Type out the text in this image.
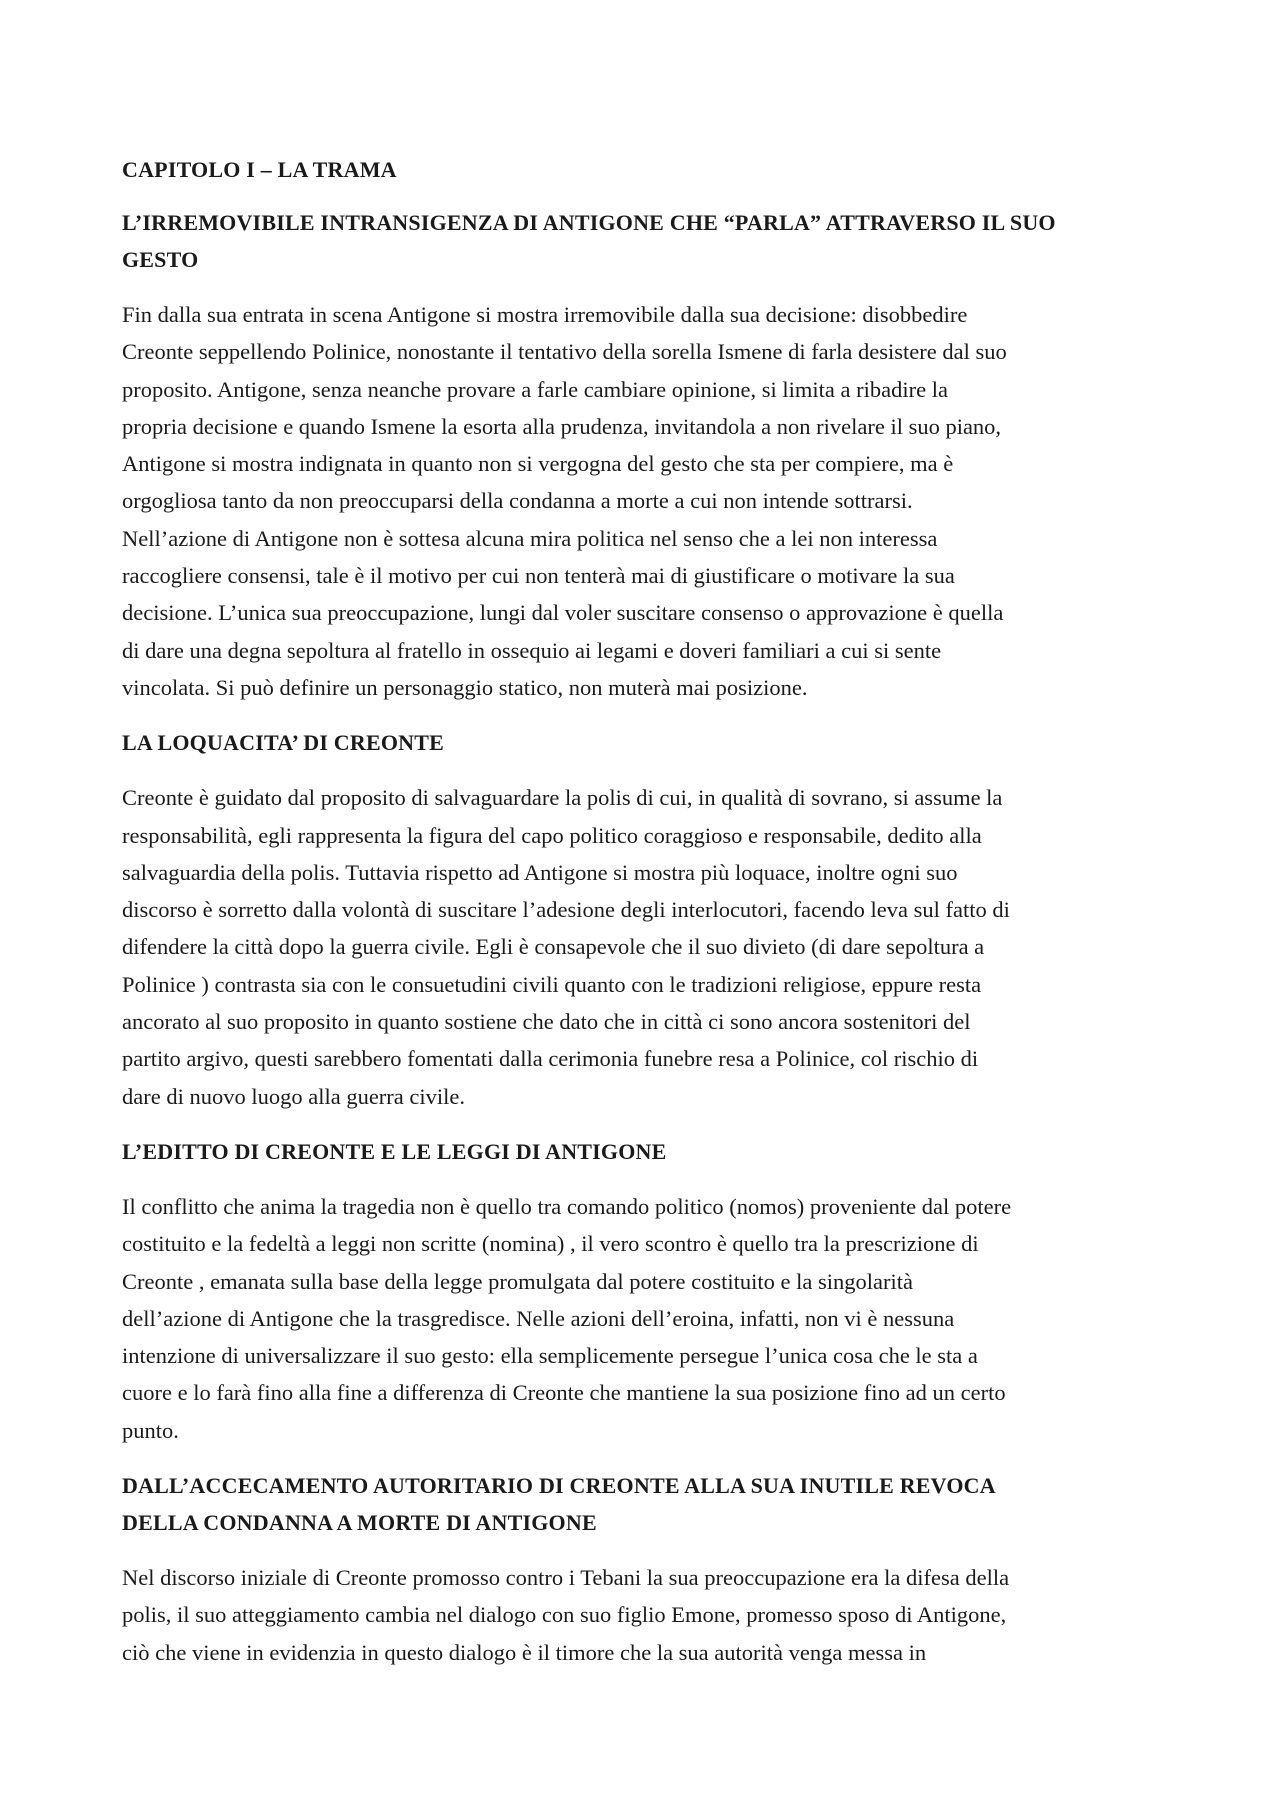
CAPITOLO I – LA TRAMA
L’IRREMOVIBILE INTRANSIGENZA DI ANTIGONE CHE “PARLA” ATTRAVERSO IL SUO
GESTO

Fin dalla sua entrata in scena Antigone si mostra irremovibile dalla sua decisione: disobbedire
Creonte seppellendo Polinice, nonostante il tentativo della sorella Ismene di farla desistere dal suo
proposito. Antigone, senza neanche provare a farle cambiare opinione, si limita a ribadire la
propria decisione e quando Ismene la esorta alla prudenza, invitandola a non rivelare il suo piano,
Antigone si mostra indignata in quanto non si vergogna del gesto che sta per compiere, ma è
orgogliosa tanto da non preoccuparsi della condanna a morte a cui non intende sottrarsi.
Nell’azione di Antigone non è sottesa alcuna mira politica nel senso che a lei non interessa
raccogliere consensi, tale è il motivo per cui non tenterà mai di giustificare o motivare la sua
decisione. L’unica sua preoccupazione, lungi dal voler suscitare consenso o approvazione è quella
di dare una degna sepoltura al fratello in ossequio ai legami e doveri familiari a cui si sente
vincolata. Si può definire un personaggio statico, non muterà mai posizione.

LA LOQUACITA’ DI CREONTE

Creonte è guidato dal proposito di salvaguardare la polis di cui, in qualità di sovrano, si assume la
responsabilità, egli rappresenta la figura del capo politico coraggioso e responsabile, dedito alla
salvaguardia della polis. Tuttavia rispetto ad Antigone si mostra più loquace, inoltre ogni suo
discorso è sorretto dalla volontà di suscitare l’adesione degli interlocutori, facendo leva sul fatto di
difendere la città dopo la guerra civile. Egli è consapevole che il suo divieto (di dare sepoltura a
Polinice ) contrasta sia con le consuetudini civili quanto con le tradizioni religiose, eppure resta
ancorato al suo proposito in quanto sostiene che dato che in città ci sono ancora sostenitori del
partito argivo, questi sarebbero fomentati dalla cerimonia funebre resa a Polinice, col rischio di
dare di nuovo luogo alla guerra civile.

L’EDITTO DI CREONTE E LE LEGGI DI ANTIGONE

Il conflitto che anima la tragedia non è quello tra comando politico (nomos) proveniente dal potere
costituito e la fedeltà a leggi non scritte (nomina) , il vero scontro è quello tra la prescrizione di
Creonte , emanata sulla base della legge promulgata dal potere costituito e la singolarità
dell’azione di Antigone che la trasgredisce. Nelle azioni dell’eroina, infatti, non vi è nessuna
intenzione di universalizzare il suo gesto: ella semplicemente persegue l’unica cosa che le sta a
cuore e lo farà fino alla fine a differenza di Creonte che mantiene la sua posizione fino ad un certo
punto.

DALL’ACCECAMENTO AUTORITARIO DI CREONTE ALLA SUA INUTILE REVOCA
DELLA CONDANNA A MORTE DI ANTIGONE

Nel discorso iniziale di Creonte promosso contro i Tebani la sua preoccupazione era la difesa della
polis, il suo atteggiamento cambia nel dialogo con suo figlio Emone, promesso sposo di Antigone,
ciò che viene in evidenzia in questo dialogo è il timore che la sua autorità venga messa in
